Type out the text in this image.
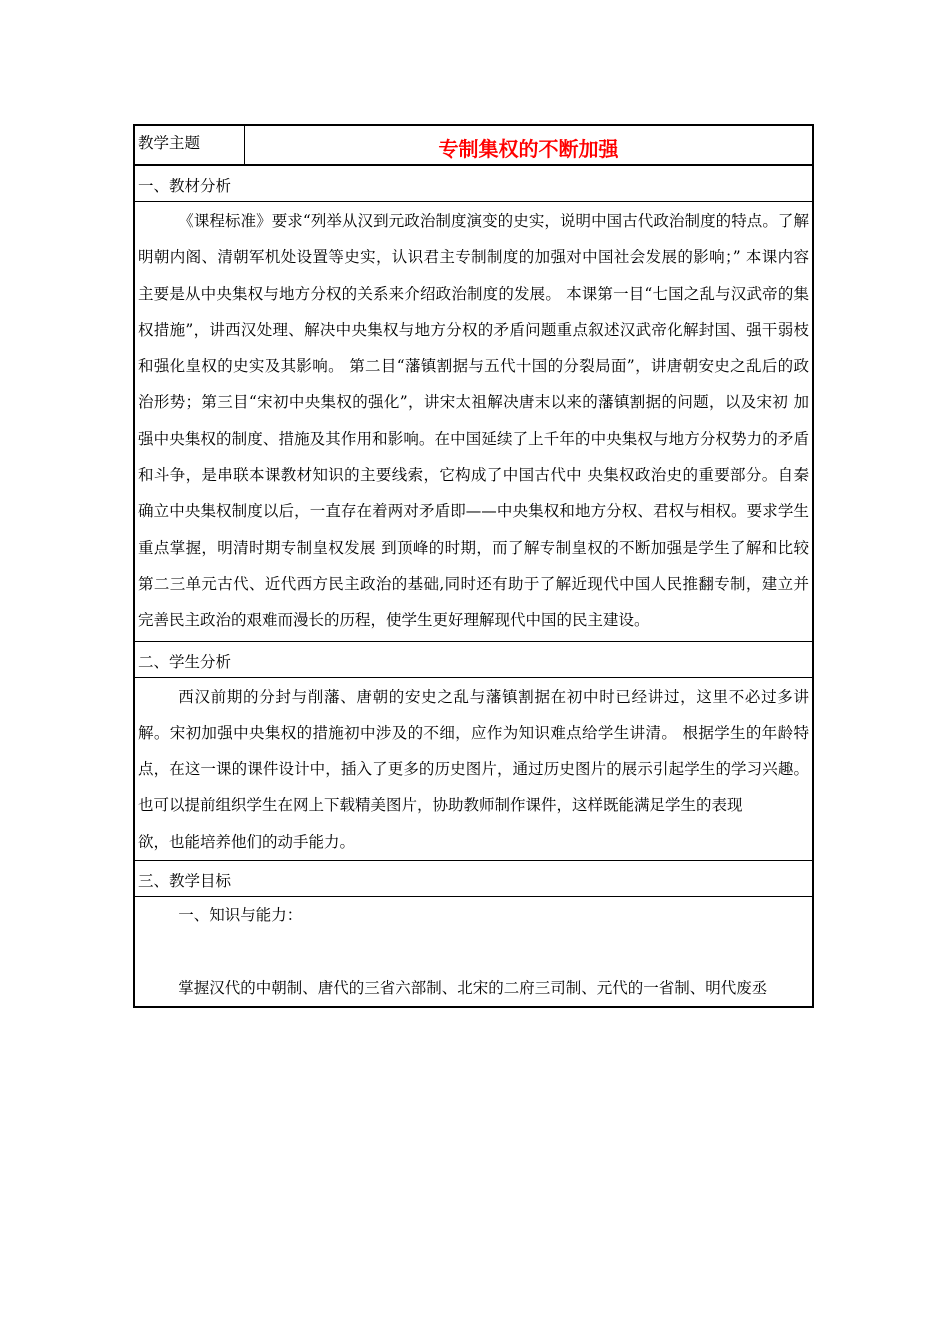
教学主题	专制集权的不断加强
一、教材分析

《课程标准》要求“列举从汉到元政治制度演变的史实，说明中国古代政治制度的特点。了解明朝内阁、清朝军机处设置等史实，认识君主专制制度的加强对中国社会发展的影响；” 本课内容主要是从中央集权与地方分权的关系来介绍政治制度的发展。 本课第一目“七国之乱与汉武帝的集权措施”，讲西汉处理、解决中央集权与地方分权的矛盾问题重点叙述汉武帝化解封国、强干弱枝和强化皇权的史实及其影响。 第二目“藩镇割据与五代十国的分裂局面”，讲唐朝安史之乱后的政治形势；第三目“宋初中央集权的强化”，讲宋太祖解决唐末以来的藩镇割据的问题，以及宋初 加强中央集权的制度、措施及其作用和影响。在中国延续了上千年的中央集权与地方分权势力的矛盾和斗争，是串联本课教材知识的主要线索，它构成了中国古代中 央集权政治史的重要部分。自秦确立中央集权制度以后，一直存在着两对矛盾即——中央集权和地方分权、君权与相权。要求学生重点掌握，明清时期专制皇权发展 到顶峰的时期，而了解专制皇权的不断加强是学生了解和比较第二三单元古代、近代西方民主政治的基础,同时还有助于了解近现代中国人民推翻专制，建立并完善民主政治的艰难而漫长的历程，使学生更好理解现代中国的民主建设。

二、学生分析

西汉前期的分封与削藩、唐朝的安史之乱与藩镇割据在初中时已经讲过，这里不必过多讲解。宋初加强中央集权的措施初中涉及的不细，应作为知识难点给学生讲清。 根据学生的年龄特点，在这一课的课件设计中，插入了更多的历史图片，通过历史图片的展示引起学生的学习兴趣。也可以提前组织学生在网上下载精美图片，协助教师制作课件，这样既能满足学生的表现

欲，也能培养他们的动手能力。

三、教学目标
一、知识与能力：
掌握汉代的中朝制、唐代的三省六部制、北宋的二府三司制、元代的一省制、明代废丞
